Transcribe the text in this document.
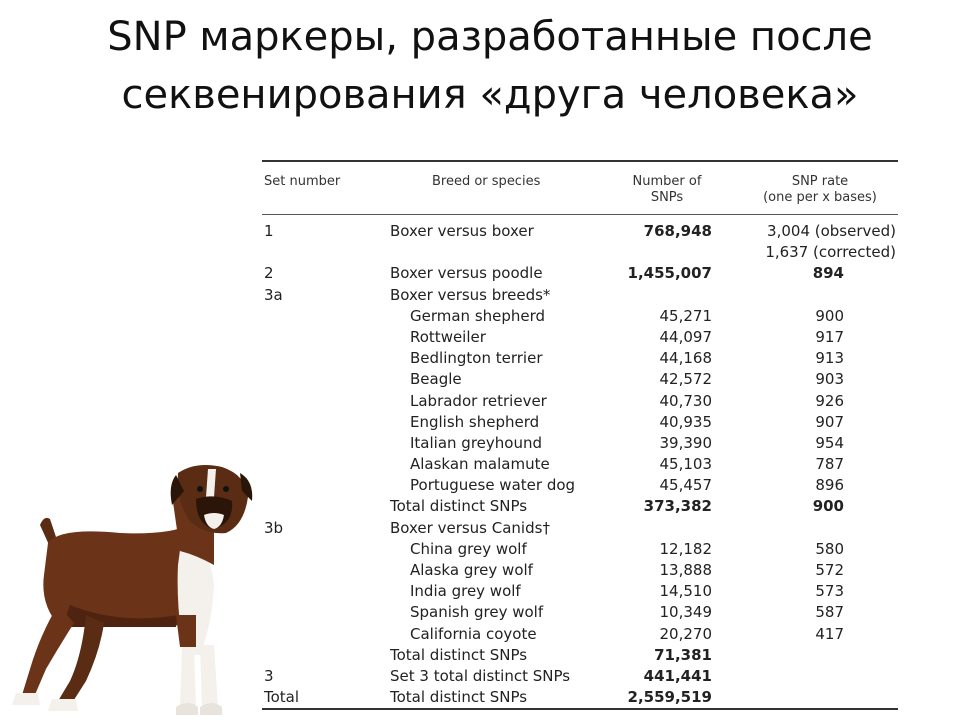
SNP маркеры, разработанные после
секвенирования «друга человека»
Set number	Breed or species	Number of
SNPs
SNP rate
(one per x bases)
1	Boxer versus boxer	768,948	3,004 (observed)
1,637 (corrected)
2	Boxer versus poodle	1,455,007	894
3a	Boxer versus breeds*
German shepherd	45,271	900
Rottweiler	44,097	917
Bedlington terrier	44,168	913
Beagle	42,572	903
Labrador retriever	40,730	926
English shepherd	40,935	907
Italian greyhound	39,390	954
Alaskan malamute	45,103	787
Portuguese water dog	45,457	896
Total distinct SNPs	373,382	900
3b	Boxer versus Canids†
China grey wolf	12,182	580
Alaska grey wolf	13,888	572
India grey wolf	14,510	573
Spanish grey wolf	10,349	587
California coyote	20,270	417
Total distinct SNPs	71,381
3	Set 3 total distinct SNPs	441,441
Total	Total distinct SNPs	2,559,519
